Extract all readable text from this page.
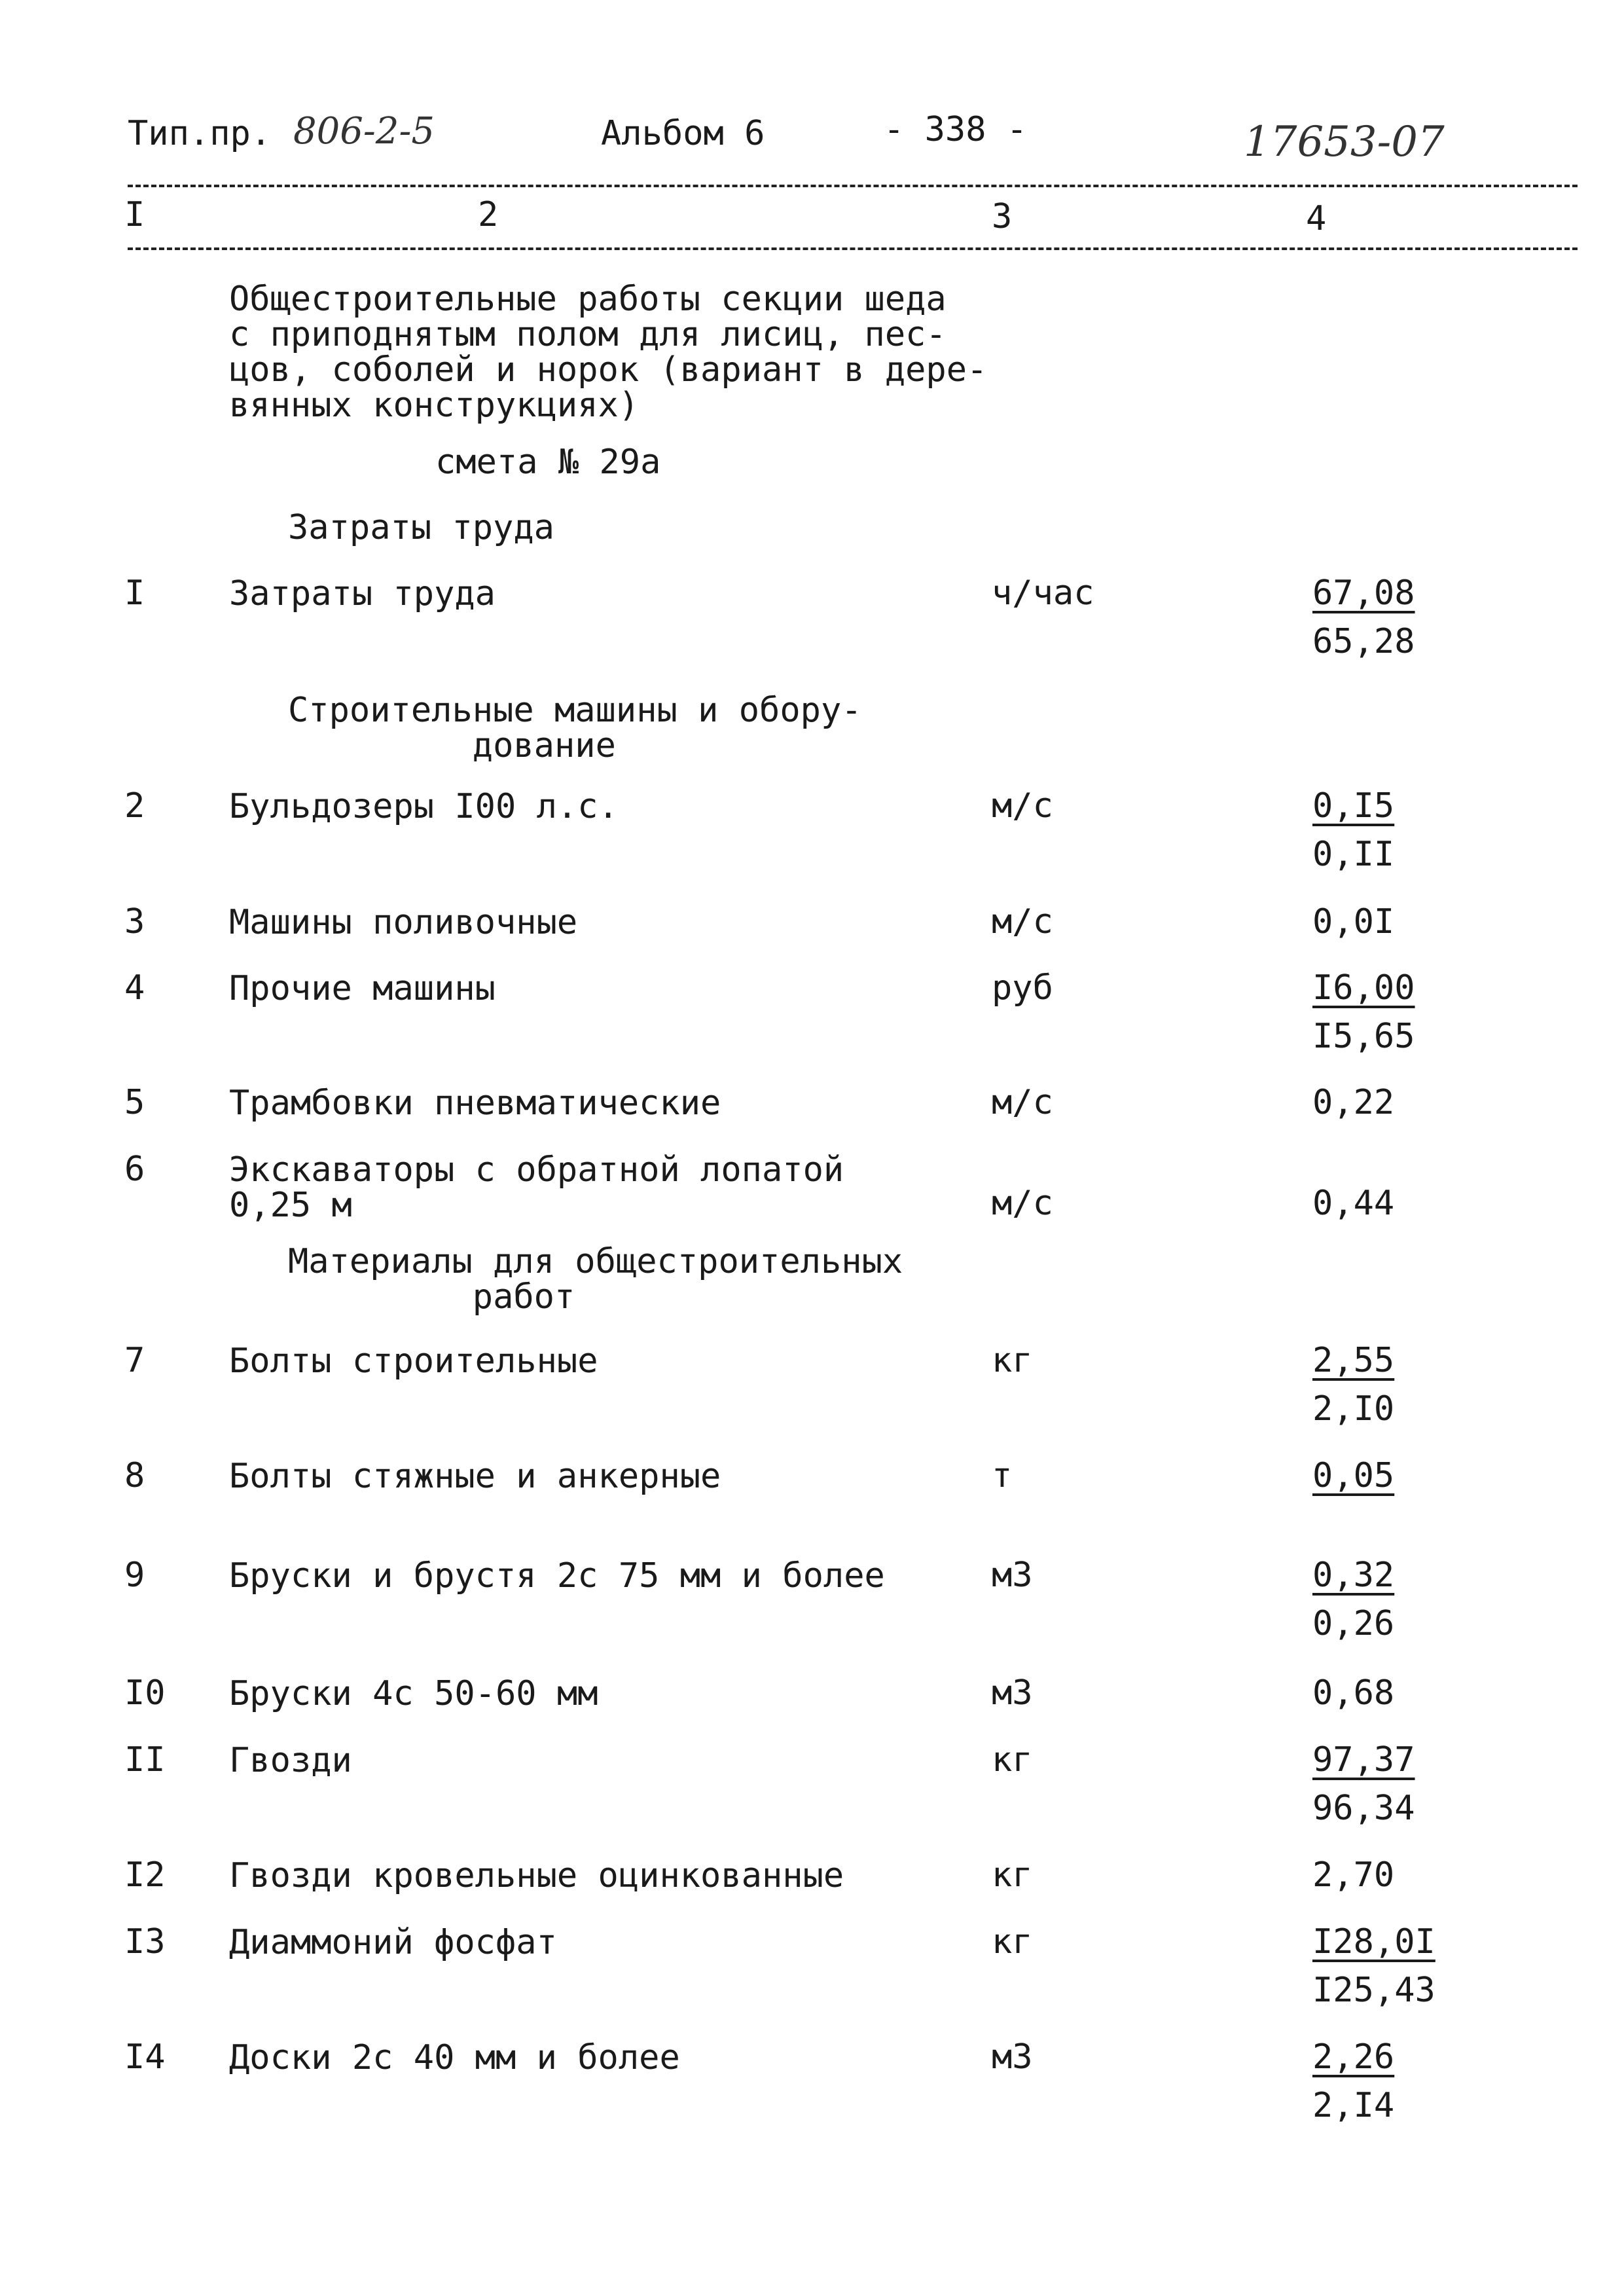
Тип.пр. 806-2-5	Альбом 6	- 338 -	17653-07
I	2	3	4
Общестроительные работы секции шеда
с приподнятым полом для лисиц, пес-
цов, соболей и норок (вариант в дере-
вянных конструкциях)
смета № 29а
Затраты труда
I Затраты труда	ч/час	67,08
65,28
Строительные машины и обору-
дование
2 Бульдозеры I00 л.с.	м/с	0,I5
0,II
3 Машины поливочные	м/с	0,0I
4 Прочие машины	руб	I6,00
I5,65
5 Трамбовки пневматические	м/с	0,22
6 Экскаваторы с обратной лопатой
0,25 м	м/с	0,44
Материалы для общестроительных
работ
7 Болты строительные	кг	2,55
2,I0
8 Болты стяжные и анкерные	т	0,05
9 Бруски и брустя 2с 75 мм и более	м3	0,32
0,26
I0 Бруски 4с 50-60 мм	м3	0,68
II Гвозди	кг	97,37
96,34
I2 Гвозди кровельные оцинкованные	кг	2,70
I3 Диаммоний фосфат	кг	I28,0I
I25,43
I4 Доски 2с 40 мм и более	м3	2,26
2,I4
